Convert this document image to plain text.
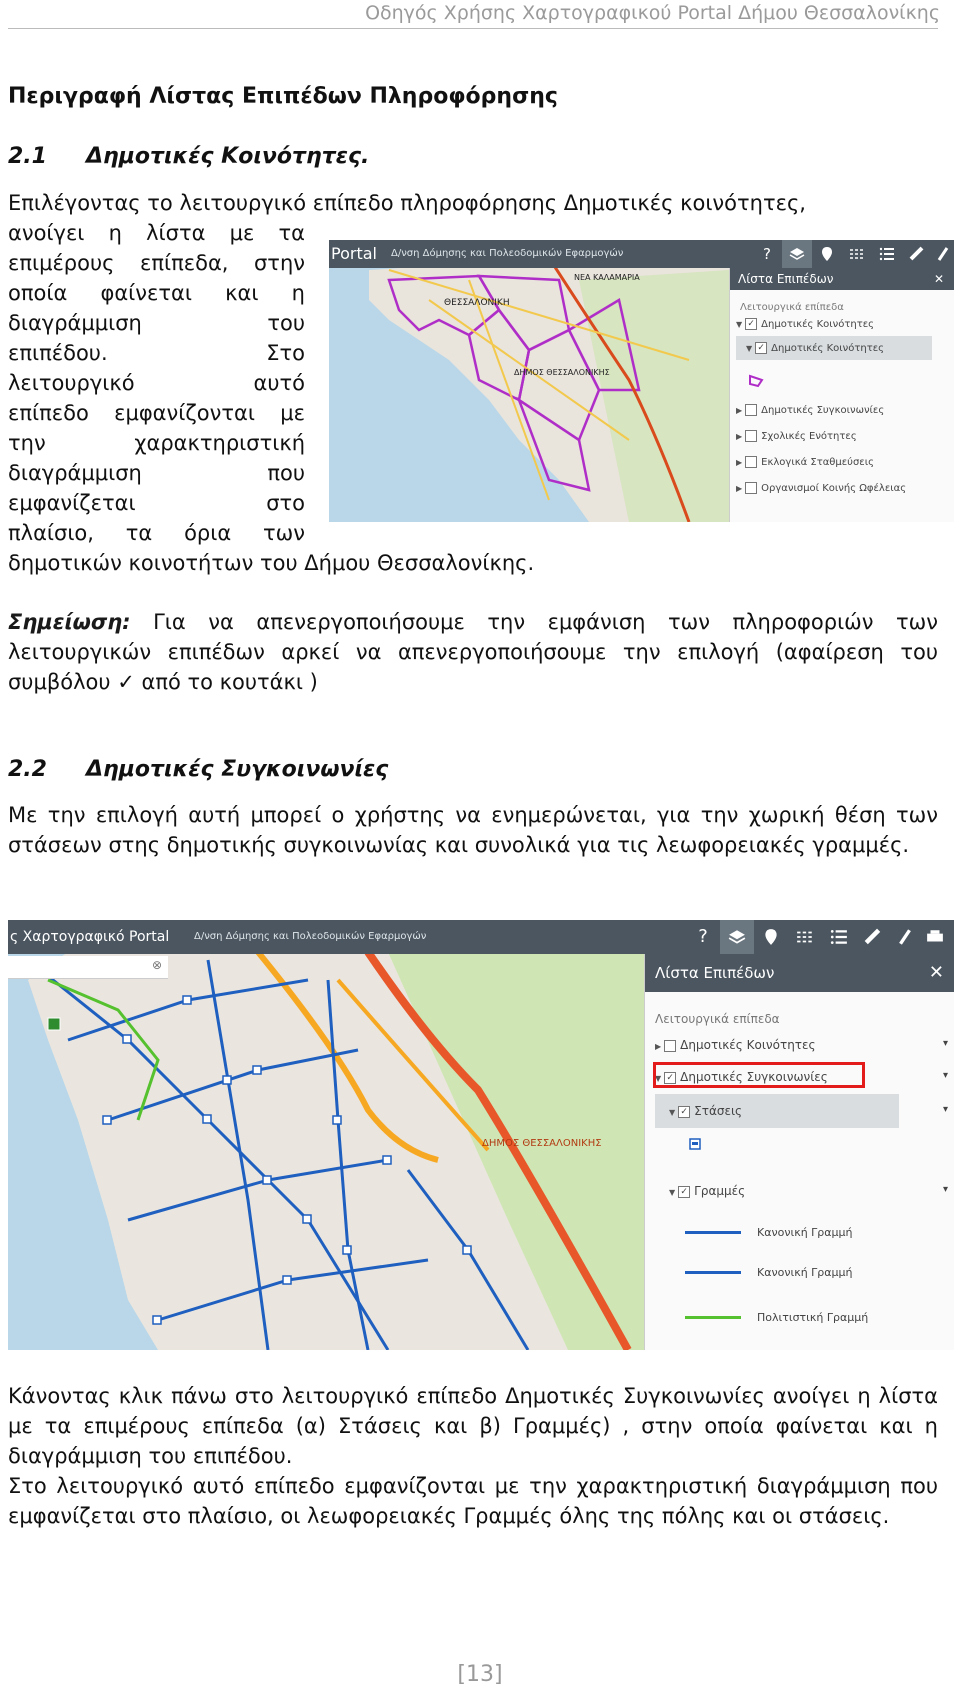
Οδηγός Χρήσης Χαρτογραφικού Portal Δήμου Θεσσαλονίκης
Περιγραφή Λίστας Επιπέδων Πληροφόρησης
2.1 Δημοτικές Κοινότητες.
Επιλέγοντας το λειτουργικό επίπεδο πληροφόρησης Δημοτικές κοινότητες,
ανοίγει η λίστα με τα
επιμέρους επίπεδα, στην
οποία φαίνεται και η
διαγράμμιση του
επιπέδου. Στο
λειτουργικό αυτό
επίπεδο εμφανίζονται με
την χαρακτηριστική
διαγράμμιση που
εμφανίζεται στο
πλαίσιο, τα όρια των
δημοτικών κοινοτήτων του Δήμου Θεσσαλονίκης.
ΘΕΣΣΑΛΟΝΙΚΗ
ΔΗΜΟΣ ΘΕΣΣΑΛΟΝΙΚΗΣ
ΝΕΑ ΚΑΛΑΜΑΡΙΑ
Portal Δ/νση Δόμησης και Πολεοδομικών Εφαρμογών	?
Λίστα Επιπέδων	✕
Λειτουργικά επίπεδα
▼ ✓ Δημοτικές Κοινότητες
▼ ✓ Δημοτικές Κοινότητες
▶ Δημοτικές Συγκοινωνίες
▶ Σχολικές Ενότητες
▶ Εκλογικά Σταθμεύσεις
▶ Οργανισμοί Κοινής Ωφέλειας
Σημείωση: Για να απενεργοποιήσουμε την εμφάνιση των πληροφοριών των λειτουργικών επιπέδων αρκεί να απενεργοποιήσουμε την επιλογή (αφαίρεση του συμβόλου ✓ από το κουτάκι )
2.2 Δημοτικές Συγκοινωνίες
Με την επιλογή αυτή μπορεί ο χρήστης να ενημερώνεται, για την χωρική θέση των στάσεων στης δημοτικής συγκοινωνίας και συνολικά για τις λεωφορειακές γραμμές.
ΔΗΜΟΣ ΘΕΣΣΑΛΟΝΙΚΗΣ
⊗
ς Χαρτογραφικό Portal Δ/νση Δόμησης και Πολεοδομικών Εφαρμογών	?
Λίστα Επιπέδων	✕
Λειτουργικά επίπεδα
▶ Δημοτικές Κοινότητες	▾
▼ ✓ Δημοτικές Συγκοινωνίες	▾
▼ ✓ Στάσεις	▾
▼ ✓ Γραμμές	▾
Κανονική Γραμμή
Κανονική Γραμμή
Πολιτιστική Γραμμή
Κάνοντας κλικ πάνω στο λειτουργικό επίπεδο Δημοτικές Συγκοινωνίες ανοίγει η λίστα με τα επιμέρους επίπεδα (α) Στάσεις και β) Γραμμές) , στην οποία φαίνεται και η διαγράμμιση του επιπέδου.
Στο λειτουργικό αυτό επίπεδο εμφανίζονται με την χαρακτηριστική διαγράμμιση που εμφανίζεται στο πλαίσιο, οι λεωφορειακές Γραμμές όλης της πόλης και οι στάσεις.
[13]
